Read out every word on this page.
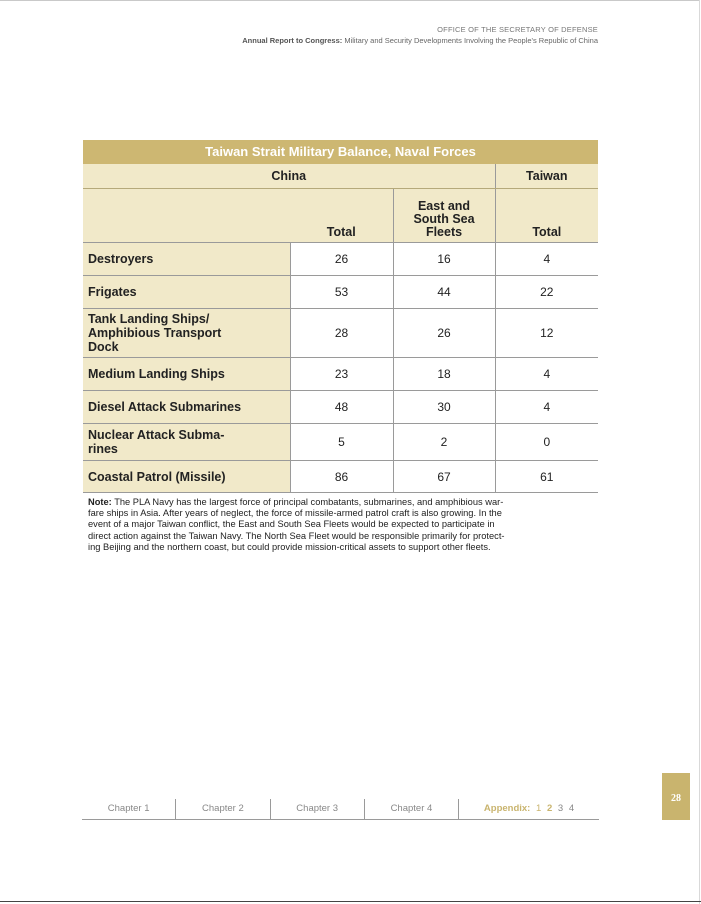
OFFICE OF THE SECRETARY OF DEFENSE
Annual Report to Congress: Military and Security Developments Involving the People's Republic of China
Taiwan Strait Military Balance, Naval Forces
China			Taiwan
	Total	East and
South Sea
Fleets	Total
Destroyers	26	16	4
Frigates	53	44	22
Tank Landing Ships/
Amphibious Transport
Dock	28	26	12
Medium Landing Ships	23	18	4
Diesel Attack Submarines	48	30	4
Nuclear Attack Subma-
rines	5	2	0
Coastal Patrol (Missile)	86	67	61
Note: The PLA Navy has the largest force of principal combatants, submarines, and amphibious war-
fare ships in Asia. After years of neglect, the force of missile-armed patrol craft is also growing. In the
event of a major Taiwan conflict, the East and South Sea Fleets would be expected to participate in
direct action against the Taiwan Navy. The North Sea Fleet would be responsible primarily for protect-
ing Beijing and the northern coast, but could provide mission-critical assets to support other fleets.
28
Chapter 1	Chapter 2	Chapter 3	Chapter 4	Appendix: 1 2 3 4
